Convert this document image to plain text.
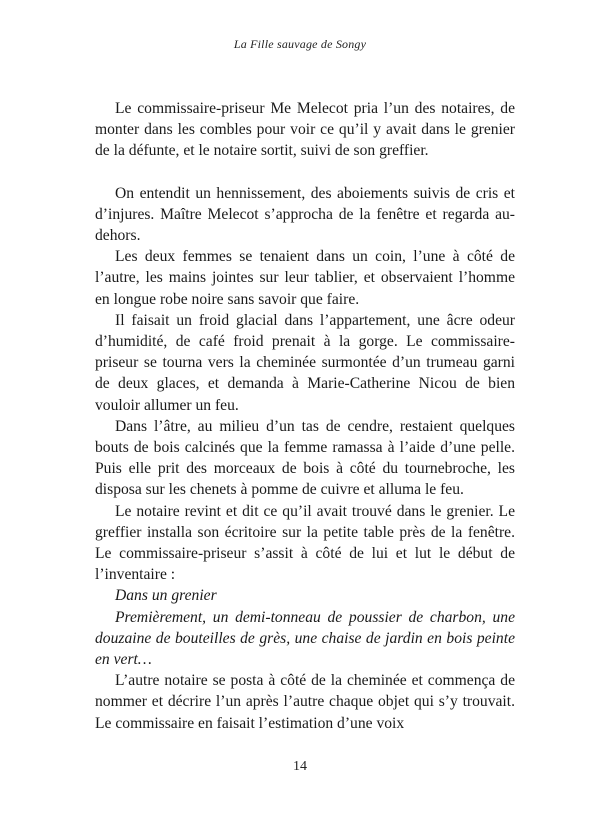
La Fille sauvage de Songy

Le commissaire-priseur Me Melecot pria l’un des notaires, de monter dans les combles pour voir ce qu’il y avait dans le grenier de la défunte, et le notaire sortit, suivi de son greffier.

On entendit un hennissement, des aboiements suivis de cris et d’injures. Maître Melecot s’approcha de la fenêtre et regarda au-dehors.

Les deux femmes se tenaient dans un coin, l’une à côté de l’autre, les mains jointes sur leur tablier, et observaient l’homme en longue robe noire sans savoir que faire.

Il faisait un froid glacial dans l’appartement, une âcre odeur d’humidité, de café froid prenait à la gorge. Le commissaire-priseur se tourna vers la cheminée surmontée d’un trumeau garni de deux glaces, et demanda à Marie-Catherine Nicou de bien vouloir allumer un feu.

Dans l’âtre, au milieu d’un tas de cendre, restaient quelques bouts de bois calcinés que la femme ramassa à l’aide d’une pelle. Puis elle prit des morceaux de bois à côté du tournebroche, les disposa sur les chenets à pomme de cuivre et alluma le feu.

Le notaire revint et dit ce qu’il avait trouvé dans le grenier. Le greffier installa son écritoire sur la petite table près de la fenêtre. Le commissaire-priseur s’assit à côté de lui et lut le début de l’inventaire :

Dans un grenier

Premièrement, un demi-tonneau de poussier de charbon, une douzaine de bouteilles de grès, une chaise de jardin en bois peinte en vert…

L’autre notaire se posta à côté de la cheminée et commença de nommer et décrire l’un après l’autre chaque objet qui s’y trouvait. Le commissaire en faisait l’estimation d’une voix

14
